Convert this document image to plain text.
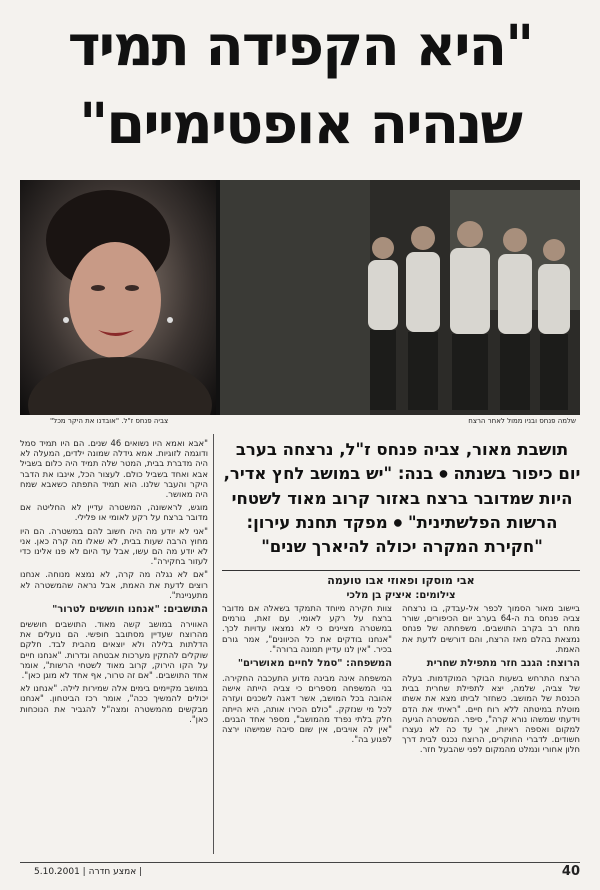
"היא הקפידה תמיד
שנהיה אופטימיים"
שלמה פנחס ובניו ממול לאחר הרצח
צביה פנחס ז"ל. "אובדנו את היקר מכל"
תושבת מאור, צביה פנחס ז"ל, נרצחה בערב יום כיפור בשנתה ● בנה: "יש במושב לחץ אדיר, היות שמדובר ברצח באזור קרוב מאוד לשטחי הרשות הפלשתינית" ● מפקד תחנת עירון: "חקירת המקרה יכולה להיארך שנים"
אבי מוסקו ופאוזי אבו טועמה
צילומים: איציק בן מלכי

"אבא ואמא היו נשואים 46 שנים. הם היו תמיד סמל ודוגמה לזוגיות. אמא גידלה שמונה ילדים, המעלה לא היה מדברת בבית, המטר שלה תמיד היה כלום בשביל אבא ואחד בשביל כולם. לעצור הכל, אינבו את הדבר היקר והעבר שלנו. הוא תמיד התפתה כשאבא שמח היה מאושר.

מוגש, לראשונה, המשטרה עדיין לא החליטה אם מדובר ברצח על רקע לאומי או פלילי.

"אני לא יודע מה היה חשוב להם במשטרה. הם היו מחוץ הרבה שעות בבית, לא שאלו מה קרה כאן. אני לא יודע מה הם עשו, אבל עד היום לא פנו אלינו כדי לעזור בחקירה".

"אם לא נגלה מה קרה, לא נמצא מנוחה. אנחנו רוצים לדעת את האמת, אבל נראה שהמשטרה לא מתעניינת".

התושבים: "אנחנו חוששים לטרור"

האווירה במושב קשה מאוד. התושבים חוששים מהרוצח שעדיין מסתובב חופשי. הם נועלים את הדלתות בלילה ולא יוצאים מהבית לבד. חלקם שוקלים להתקין מערכות אבטחה וגדרות. "אנחנו חיים על הקו הירוק, קרוב מאוד לשטחי הרשות", אומר אחד התושבים. "אם זה טרור, אף אחד לא מוגן כאן".

במושב מקיימים בימים אלה שמירות לילה. "אנחנו לא יכולים להמשיך ככה", אומר רכז הביטחון. "אנחנו מבקשים מהמשטרה ומצה"ל להגביר את הנוכחות כאן".

צוות חקירה מיוחד התמקד בשאלה אם מדובר ברצח על רקע לאומי. עם זאת, גורמים במשטרה מציינים כי לא נמצאו עדויות לכך. "אנחנו בודקים את כל הכיוונים", אמר גורם בכיר. "אין לנו עדיין תמונה ברורה".

המשפחה: "סמל לחיים מאושרים"

המשפחה אינה מבינה מדוע התעכבה החקירה. בני המשפחה מספרים כי צביה הייתה אישה אהובה בכל המושב, אשר דאגה לשכנים ועזרה לכל מי שנזקק. "כולם הכירו אותה, היא הייתה חלק בלתי נפרד מהמושב", מספר אחד הבנים. "אין לה אויבים, אין שום סיבה שמישהו ירצה לפגוע בה".

ביישוב מאור הסמוך לכפר אל-עבדק, בו נרצחה צביה פנחס בת ה-64 בערב יום הכיפורים, שורר מתח רב בקרב התושבים. משפחתה של פנחס נמצאת בהלם מאז הרצח, והם דורשים לדעת את האמת.

הרוצח: הגנב חזר מתפילת שחרית

הרצח התרחש בשעות הבוקר המוקדמות. בעלה של צביה, שלמה, יצא לתפילת שחרית בבית הכנסת של המושב. כשחזר לביתו מצא את אשתו מוטלת במיטתה ללא רוח חיים. "ראיתי את הדם וידעתי שמשהו נורא קרה", סיפר. המשטרה הגיעה למקום ואספה ראיות, אך עד כה לא נעצרו חשודים. לדברי החוקרים, הרוצח נכנס לבית דרך חלון אחורי ונמלט מהמקום לפני שהבעל חזר.

5.10.2001 | אמצע חדרה |	40
